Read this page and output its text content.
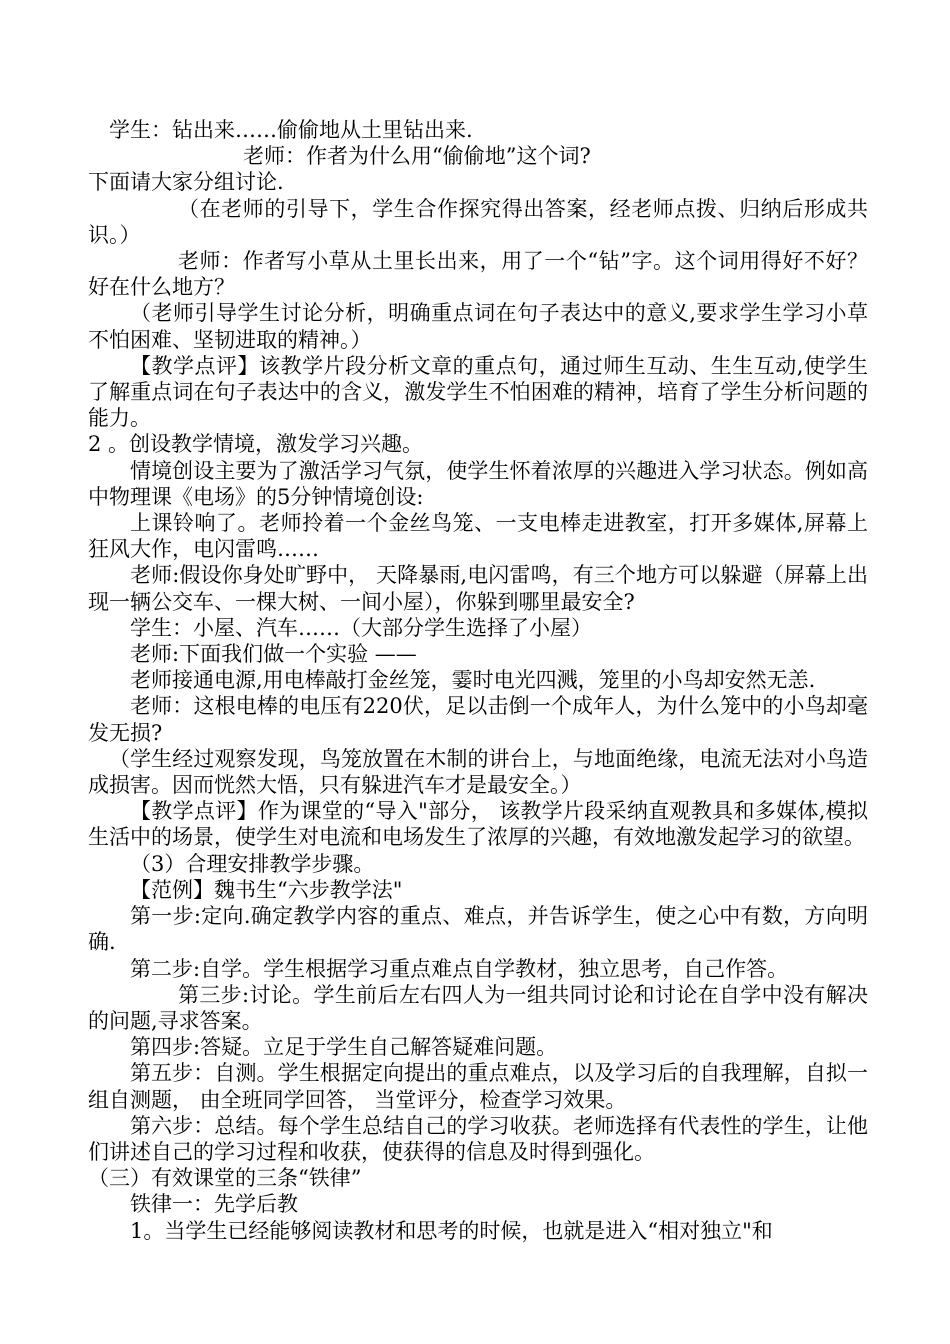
学生：钻出来……偷偷地从土里钻出来.

老师：作者为什么用“偷偷地”这个词?

下面请大家分组讨论.

（在老师的引导下，学生合作探究得出答案，经老师点拨、归纳后形成共识。）

老师：作者写小草从土里长出来，用了一个“钻”字。这个词用得好不好？好在什么地方？

（老师引导学生讨论分析，明确重点词在句子表达中的意义,要求学生学习小草不怕困难、坚韧进取的精神。）

【教学点评】该教学片段分析文章的重点句，通过师生互动、生生互动,使学生了解重点词在句子表达中的含义，激发学生不怕困难的精神，培育了学生分析问题的能力。

2 。创设教学情境，激发学习兴趣。

情境创设主要为了激活学习气氛，使学生怀着浓厚的兴趣进入学习状态。例如高中物理课《电场》的5分钟情境创设:

上课铃响了。老师拎着一个金丝鸟笼、一支电棒走进教室，打开多媒体,屏幕上狂风大作，电闪雷鸣……

老师:假设你身处旷野中， 天降暴雨,电闪雷鸣，有三个地方可以躲避（屏幕上出现一辆公交车、一棵大树、一间小屋），你躲到哪里最安全?

学生：小屋、汽车……（大部分学生选择了小屋）

老师:下面我们做一个实验 ——

老师接通电源,用电棒敲打金丝笼，霎时电光四溅，笼里的小鸟却安然无恙.

老师：这根电棒的电压有220伏，足以击倒一个成年人，为什么笼中的小鸟却毫发无损?

（学生经过观察发现，鸟笼放置在木制的讲台上，与地面绝缘，电流无法对小鸟造成损害。因而恍然大悟，只有躲进汽车才是最安全。）

【教学点评】作为课堂的“导入"部分， 该教学片段采纳直观教具和多媒体,模拟生活中的场景，使学生对电流和电场发生了浓厚的兴趣，有效地激发起学习的欲望。

（3）合理安排教学步骤。

【范例】魏书生“六步教学法"

第一步:定向.确定教学内容的重点、难点，并告诉学生，使之心中有数，方向明确.

第二步:自学。学生根据学习重点难点自学教材，独立思考，自己作答。

第三步:讨论。学生前后左右四人为一组共同讨论和讨论在自学中没有解决的问题,寻求答案。

第四步:答疑。立足于学生自己解答疑难问题。

第五步：自测。学生根据定向提出的重点难点，以及学习后的自我理解，自拟一组自测题， 由全班同学回答， 当堂评分，检查学习效果。

第六步：总结。每个学生总结自己的学习收获。老师选择有代表性的学生，让他们讲述自己的学习过程和收获，使获得的信息及时得到强化。

（三）有效课堂的三条“铁律”

铁律一：先学后教

1。当学生已经能够阅读教材和思考的时候，也就是进入“相对独立"和
